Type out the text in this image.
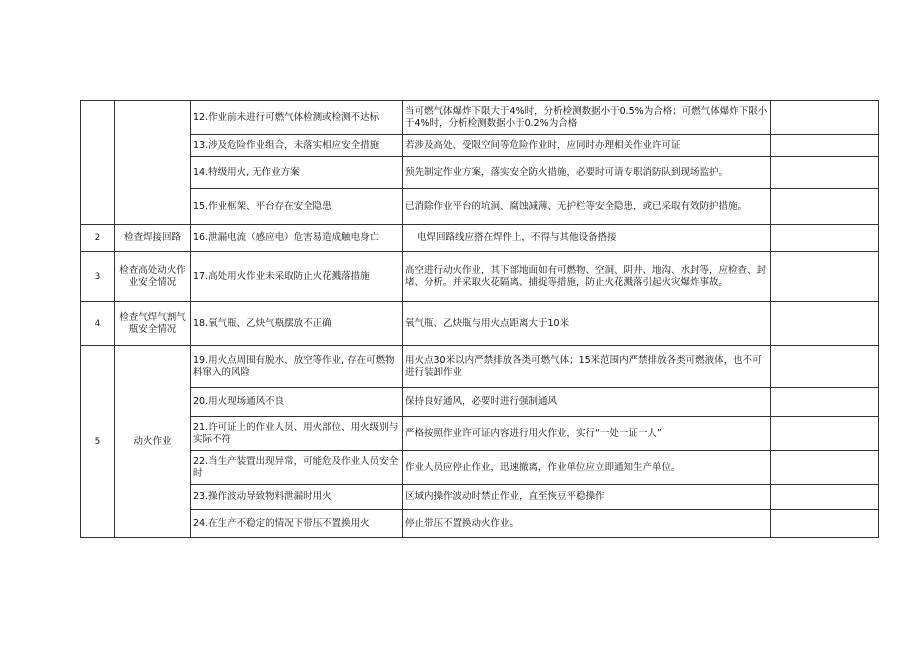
		12.作业前未进行可燃气体检测或检测不达标	当可燃气体爆炸下限大于4%时，分析检测数据小于0.5%为合格；可燃气体爆炸下限小于4%时，分析检测数据小于0.2%为合格	
		13.涉及危险作业组合，未落实相应安全措施	若涉及高处、受限空间等危险作业时，应同时办理相关作业许可证	
		14.特级用火, 无作业方案	预先制定作业方案，落实安全防火措施，必要时可请专职消防队到现场监护。	
		15.作业框架、平台存在安全隐患	已消除作业平台的坑洞、腐蚀减薄、无护栏等安全隐患，或已采取有效防护措施。	
2	检查焊接回路	16.泄漏电流（感应电）危害易造成触电身亡	电焊回路线应搭在焊件上，不得与其他设备搭接	
3	检查高处动火作业安全情况	17.高处用火作业未采取防止火花溅落措施	高空进行动火作业，其下部地面如有可燃物、空洞、阴井、地沟、水封等，应检查、封堵、分析。并采取火花隔离、捕捉等措施，防止火花溅落引起火灾爆炸事故。	
4	检查气焊气割气瓶安全情况	18.氧气瓶、乙炔气瓶摆放不正确	氧气瓶、乙炔瓶与用火点距离大于10米	
5	动火作业	19.用火点周围有脱水、放空等作业, 存在可燃物料窜入的风险	用火点30米以内严禁排放各类可燃气体；15米范围内严禁排放各类可燃液体，也不可进行装卸作业	
		20.用火现场通风不良	保持良好通风，必要时进行强制通风	
		21.许可证上的作业人员、用火部位、用火级别与实际不符	严格按照作业许可证内容进行用火作业，实行“一处一证一人”	
		22.当生产装置出现异常，可能危及作业人员安全时	作业人员应停止作业，迅速撤离，作业单位应立即通知生产单位。	
		23.操作波动导致物料泄漏时用火	区域内操作波动时禁止作业，直至恢豆平稳操作	
		24.在生产不稳定的情况下带压不置换用火	停止带压不置换动火作业。	
